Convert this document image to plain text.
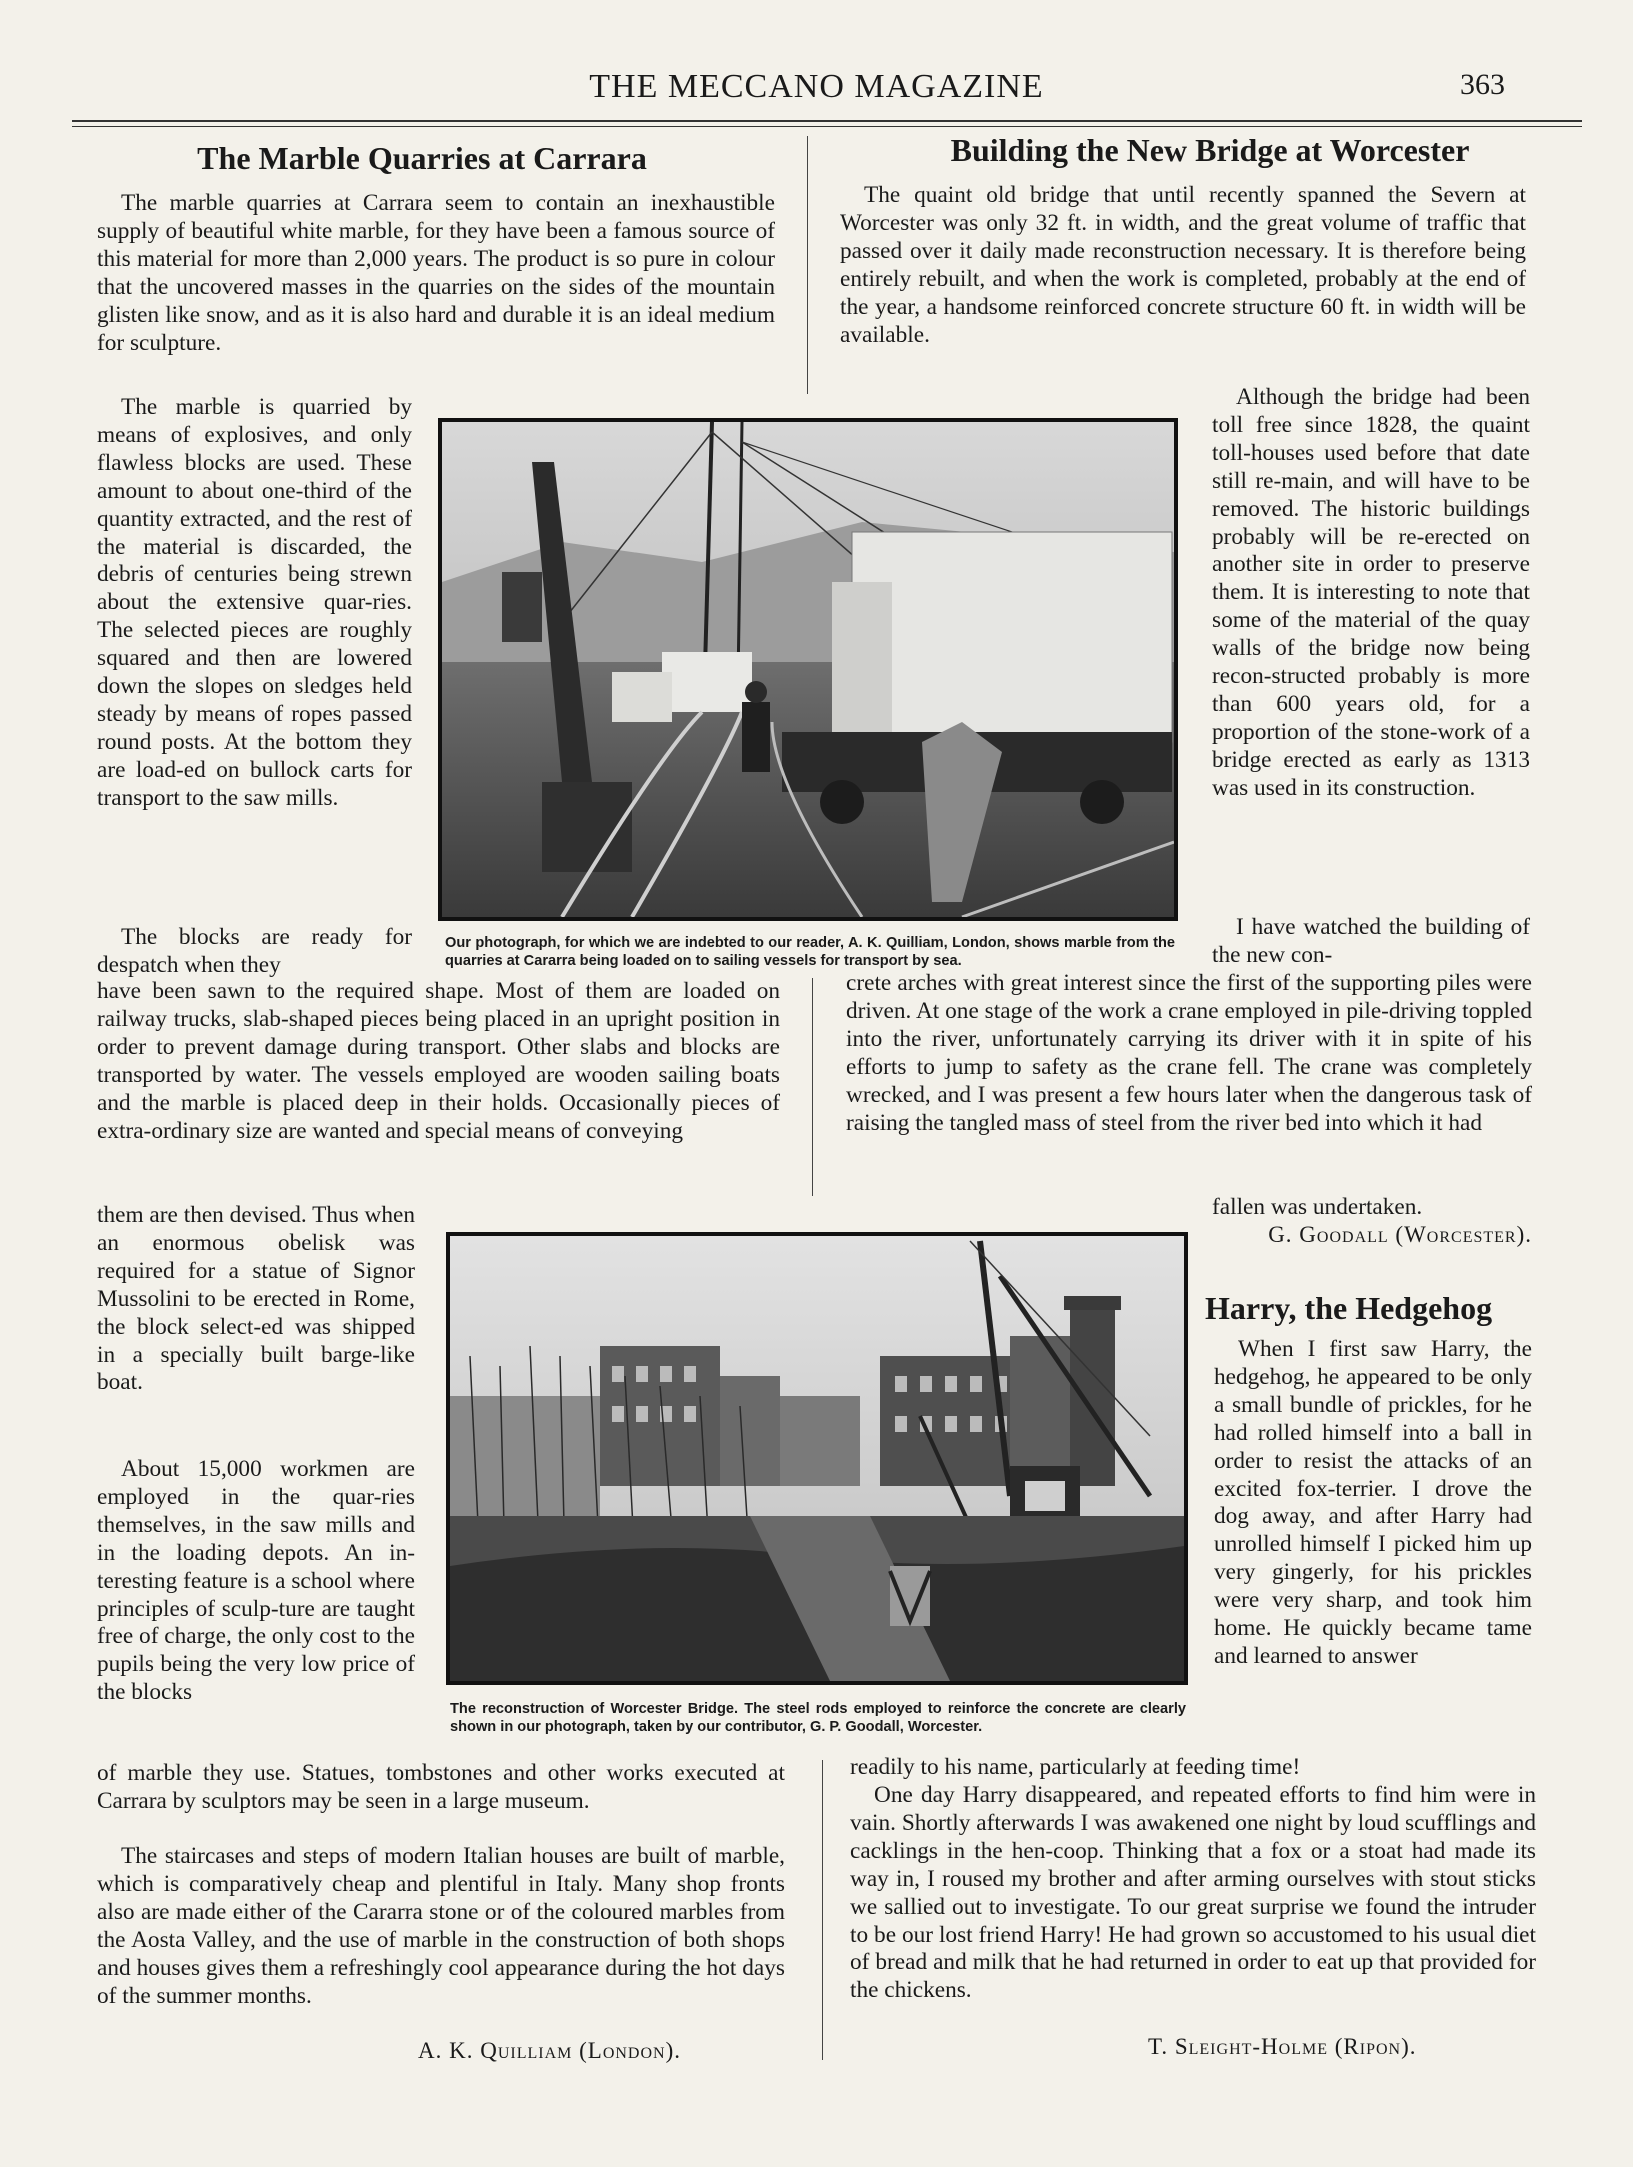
THE MECCANO MAGAZINE	363
The Marble Quarries at Carrara

The marble quarries at Carrara seem to contain an inexhaustible supply of beautiful white marble, for they have been a famous source of this material for more than 2,000 years. The product is so pure in colour that the uncovered masses in the quarries on the sides of the mountain glisten like snow, and as it is also hard and durable it is an ideal medium for sculpture.

The marble is quarried by means of explosives, and only flawless blocks are used. These amount to about one-third of the quantity extracted, and the rest of the material is discarded, the debris of centuries being strewn about the extensive quar-ries. The selected pieces are roughly squared and then are lowered down the slopes on sledges held steady by means of ropes passed round posts. At the bottom they are load-ed on bullock carts for transport to the saw mills.

The blocks are ready for despatch when they

have been sawn to the required shape. Most of them are loaded on railway trucks, slab-shaped pieces being placed in an upright position in order to prevent damage during transport. Other slabs and blocks are transported by water. The vessels employed are wooden sailing boats and the marble is placed deep in their holds. Occasionally pieces of extra-ordinary size are wanted and special means of conveying

them are then devised. Thus when an enormous obelisk was required for a statue of Signor Mussolini to be erected in Rome, the block select-ed was shipped in a specially built barge-like boat.

About 15,000 workmen are employed in the quar-ries themselves, in the saw mills and in the loading depots. An in-teresting feature is a school where principles of sculp-ture are taught free of charge, the only cost to the pupils being the very low price of the blocks

of marble they use. Statues, tombstones and other works executed at Carrara by sculptors may be seen in a large museum.

The staircases and steps of modern Italian houses are built of marble, which is comparatively cheap and plentiful in Italy. Many shop fronts also are made either of the Cararra stone or of the coloured marbles from the Aosta Valley, and the use of marble in the construction of both shops and houses gives them a refreshingly cool appearance during the hot days of the summer months.

A. K. Quilliam (London).
Our photograph, for which we are indebted to our reader, A. K. Quilliam, London, shows marble from the quarries at Cararra being loaded on to sailing vessels for transport by sea.
Building the New Bridge at Worcester

The quaint old bridge that until recently spanned the Severn at Worcester was only 32 ft. in width, and the great volume of traffic that passed over it daily made reconstruction necessary. It is therefore being entirely rebuilt, and when the work is completed, probably at the end of the year, a handsome reinforced concrete structure 60 ft. in width will be available.

Although the bridge had been toll free since 1828, the quaint toll-houses used before that date still re-main, and will have to be removed. The historic buildings probably will be re-erected on another site in order to preserve them. It is interesting to note that some of the material of the quay walls of the bridge now being recon-structed probably is more than 600 years old, for a proportion of the stone-work of a bridge erected as early as 1313 was used in its construction.

I have watched the building of the new con-

crete arches with great interest since the first of the supporting piles were driven. At one stage of the work a crane employed in pile-driving toppled into the river, unfortunately carrying its driver with it in spite of his efforts to jump to safety as the crane fell. The crane was completely wrecked, and I was present a few hours later when the dangerous task of raising the tangled mass of steel from the river bed into which it had

fallen was undertaken.

G. Goodall (Worcester).
The reconstruction of Worcester Bridge. The steel rods employed to reinforce the concrete are clearly shown in our photograph, taken by our contributor, G. P. Goodall, Worcester.
Harry, the Hedgehog

When I first saw Harry, the hedgehog, he appeared to be only a small bundle of prickles, for he had rolled himself into a ball in order to resist the attacks of an excited fox-terrier. I drove the dog away, and after Harry had unrolled himself I picked him up very gingerly, for his prickles were very sharp, and took him home. He quickly became tame and learned to answer

readily to his name, particularly at feeding time!

One day Harry disappeared, and repeated efforts to find him were in vain. Shortly afterwards I was awakened one night by loud scufflings and cacklings in the hen-coop. Thinking that a fox or a stoat had made its way in, I roused my brother and after arming ourselves with stout sticks we sallied out to investigate. To our great surprise we found the intruder to be our lost friend Harry! He had grown so accustomed to his usual diet of bread and milk that he had returned in order to eat up that provided for the chickens.

T. Sleight-Holme (Ripon).
